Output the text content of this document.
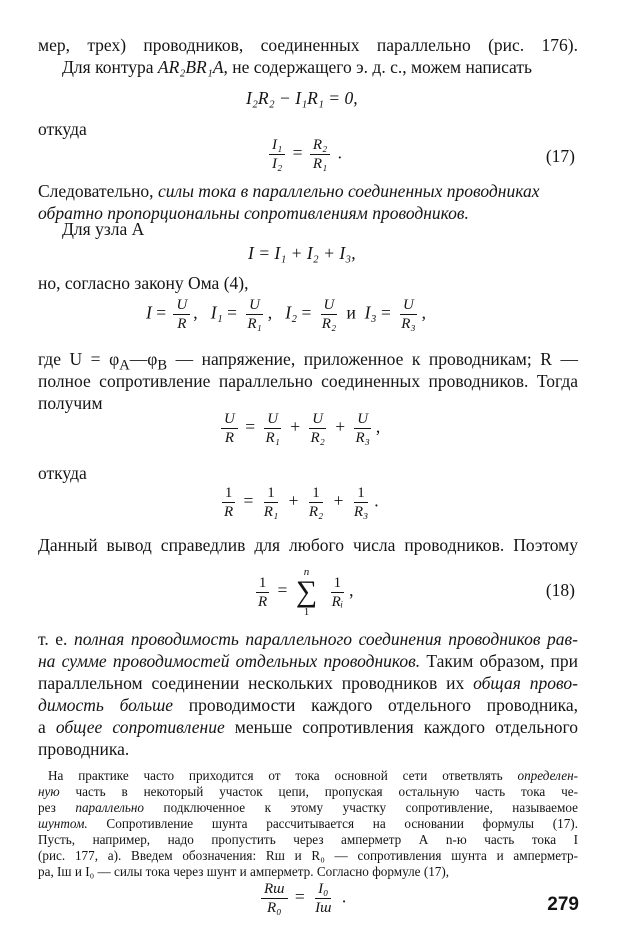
мер, трех) проводников, соединенных параллельно (рис. 176).
Для контура AR₂BR₁A, не содержащего э. д. с., можем написать
I₂R₂ − I₁R₁ = 0,
откуда
$\frac{\text{I₁}}{\text{I₂}} = \frac{\text{R₂}}{\text{R₁}}$ .	(17)
Следовательно, силы тока в параллельно соединенных проводниках
обратно пропорциональны сопротивлениям проводников.
Для узла А
I = I₁ + I₂ + I₃,
но, согласно закону Ома (4),
$I = \frac{U}{R}$ ,   $I_1 = \frac{U}{\text{R₁}}$ ,   $I_2 = \frac{U}{\text{R₂}}$ и $I_3 = \frac{U}{\text{R₃}}$ ,
где $U = \varphi_A—\varphi_B$ — напряжение, приложенное к проводникам; R —
полное сопротивление параллельно соединенных проводников. Тогда
получим
$\frac{U}{R} = \frac{U}{\text{R₁}} + \frac{U}{\text{R₂}} + \frac{U}{\text{R₃}}$ ,
откуда
$\frac{1}{R} = \frac{1}{\text{R₁}} + \frac{1}{\text{R₂}} + \frac{1}{\text{R₃}}$ .
Данный вывод справедлив для любого числа проводников. Поэтому
$\frac{1}{R}$ =
n
∑
1

$\frac{1}{\text{Rᵢ}}$ ,	(18)
т. е. полная проводимость параллельного соединения проводников рав-
на сумме проводимостей отдельных проводников. Таким образом, при
параллельном соединении нескольких проводников их общая прово-
димость больше проводимости каждого отдельного проводника,
а общее сопротивление меньше сопротивления каждого отдельного
проводника.
На практике часто приходится от тока основной сети ответвлять определен-
ную часть в некоторый участок цепи, пропуская остальную часть тока че-
рез параллельно подключенное к этому участку сопротивление, называемое
шунтом. Сопротивление шунта рассчитывается на основании формулы (17).
Пусть, например, надо пропустить через амперметр А n-ю часть тока I
(рис. 177, а). Введем обозначения: Rш и R₀ — сопротивления шунта и амперметр-
ра, Iш и I₀ — силы тока через шунт и амперметр. Согласно формуле (17),
$\frac{Rш}{\text{R₀}} = \frac{\text{I₀}}{Iш}$ .	279
